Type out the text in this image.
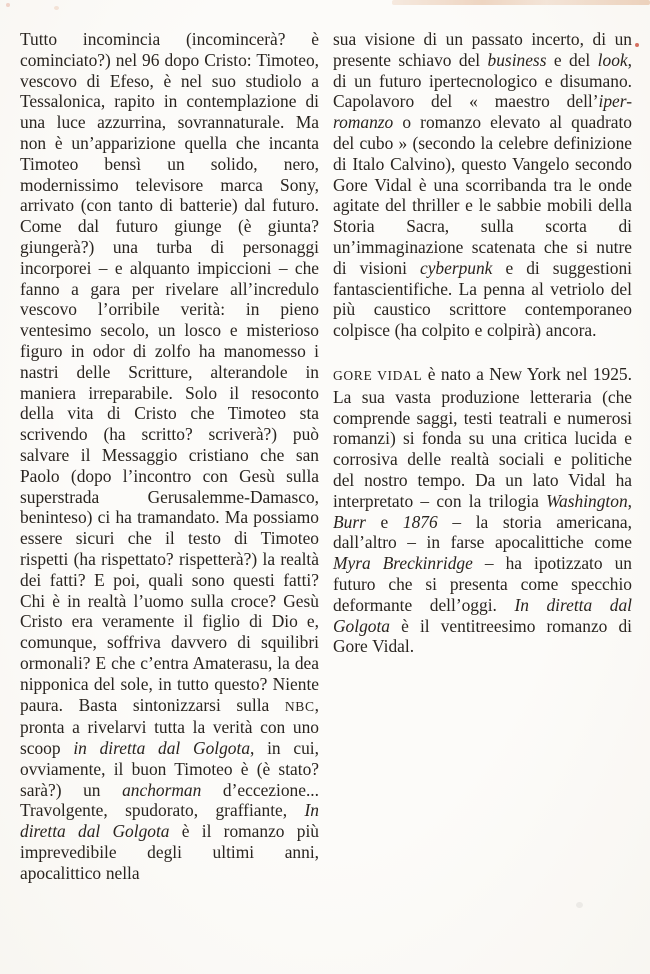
Tutto incomincia (incomincerà? è cominciato?) nel 96 dopo Cristo: Timoteo, vescovo di Efeso, è nel suo studiolo a Tessalonica, rapito in contemplazione di una luce azzurrina, sovrannaturale. Ma non è un’apparizione quella che incanta Timoteo bensì un solido, nero, modernissimo televisore marca Sony, arrivato (con tanto di batterie) dal futuro. Come dal futuro giunge (è giunta? giungerà?) una turba di personaggi incorporei – e alquanto impiccioni – che fanno a gara per rivelare all’incredulo vescovo l’orribile verità: in pieno ventesimo secolo, un losco e misterioso figuro in odor di zolfo ha manomesso i nastri delle Scritture, alterandole in maniera irreparabile. Solo il resoconto della vita di Cristo che Timoteo sta scrivendo (ha scritto? scriverà?) può salvare il Messaggio cristiano che san Paolo (dopo l’incontro con Gesù sulla superstrada Gerusalemme-Damasco, beninteso) ci ha tramandato. Ma possiamo essere sicuri che il testo di Timoteo rispetti (ha rispettato? rispetterà?) la realtà dei fatti? E poi, quali sono questi fatti? Chi è in realtà l’uomo sulla croce? Gesù Cristo era veramente il figlio di Dio e, comunque, soffriva davvero di squilibri ormonali? E che c’entra Amaterasu, la dea nipponica del sole, in tutto questo? Niente paura. Basta sintonizzarsi sulla NBC, pronta a rivelarvi tutta la verità con uno scoop in diretta dal Golgota, in cui, ovviamente, il buon Timoteo è (è stato? sarà?) un anchorman d’eccezione... Travolgente, spudorato, graffiante, In diretta dal Golgota è il romanzo più imprevedibile degli ultimi anni, apocalittico nella

sua visione di un passato incerto, di un presente schiavo del business e del look, di un futuro ipertecnologico e disumano. Capolavoro del « maestro dell’iper-romanzo o romanzo elevato al quadrato del cubo » (secondo la celebre definizione di Italo Calvino), questo Vangelo secondo Gore Vidal è una scorribanda tra le onde agitate del thriller e le sabbie mobili della Storia Sacra, sulla scorta di un’immaginazione scatenata che si nutre di visioni cyberpunk e di suggestioni fantascientifiche. La penna al vetriolo del più caustico scrittore contemporaneo colpisce (ha colpito e colpirà) ancora.

GORE VIDAL è nato a New York nel 1925. La sua vasta produzione letteraria (che comprende saggi, testi teatrali e numerosi romanzi) si fonda su una critica lucida e corrosiva delle realtà sociali e politiche del nostro tempo. Da un lato Vidal ha interpretato – con la trilogia Washington, Burr e 1876 – la storia americana, dall’altro – in farse apocalittiche come Myra Breckinridge – ha ipotizzato un futuro che si presenta come specchio deformante dell’oggi. In diretta dal Golgota è il ventitreesimo romanzo di Gore Vidal.
